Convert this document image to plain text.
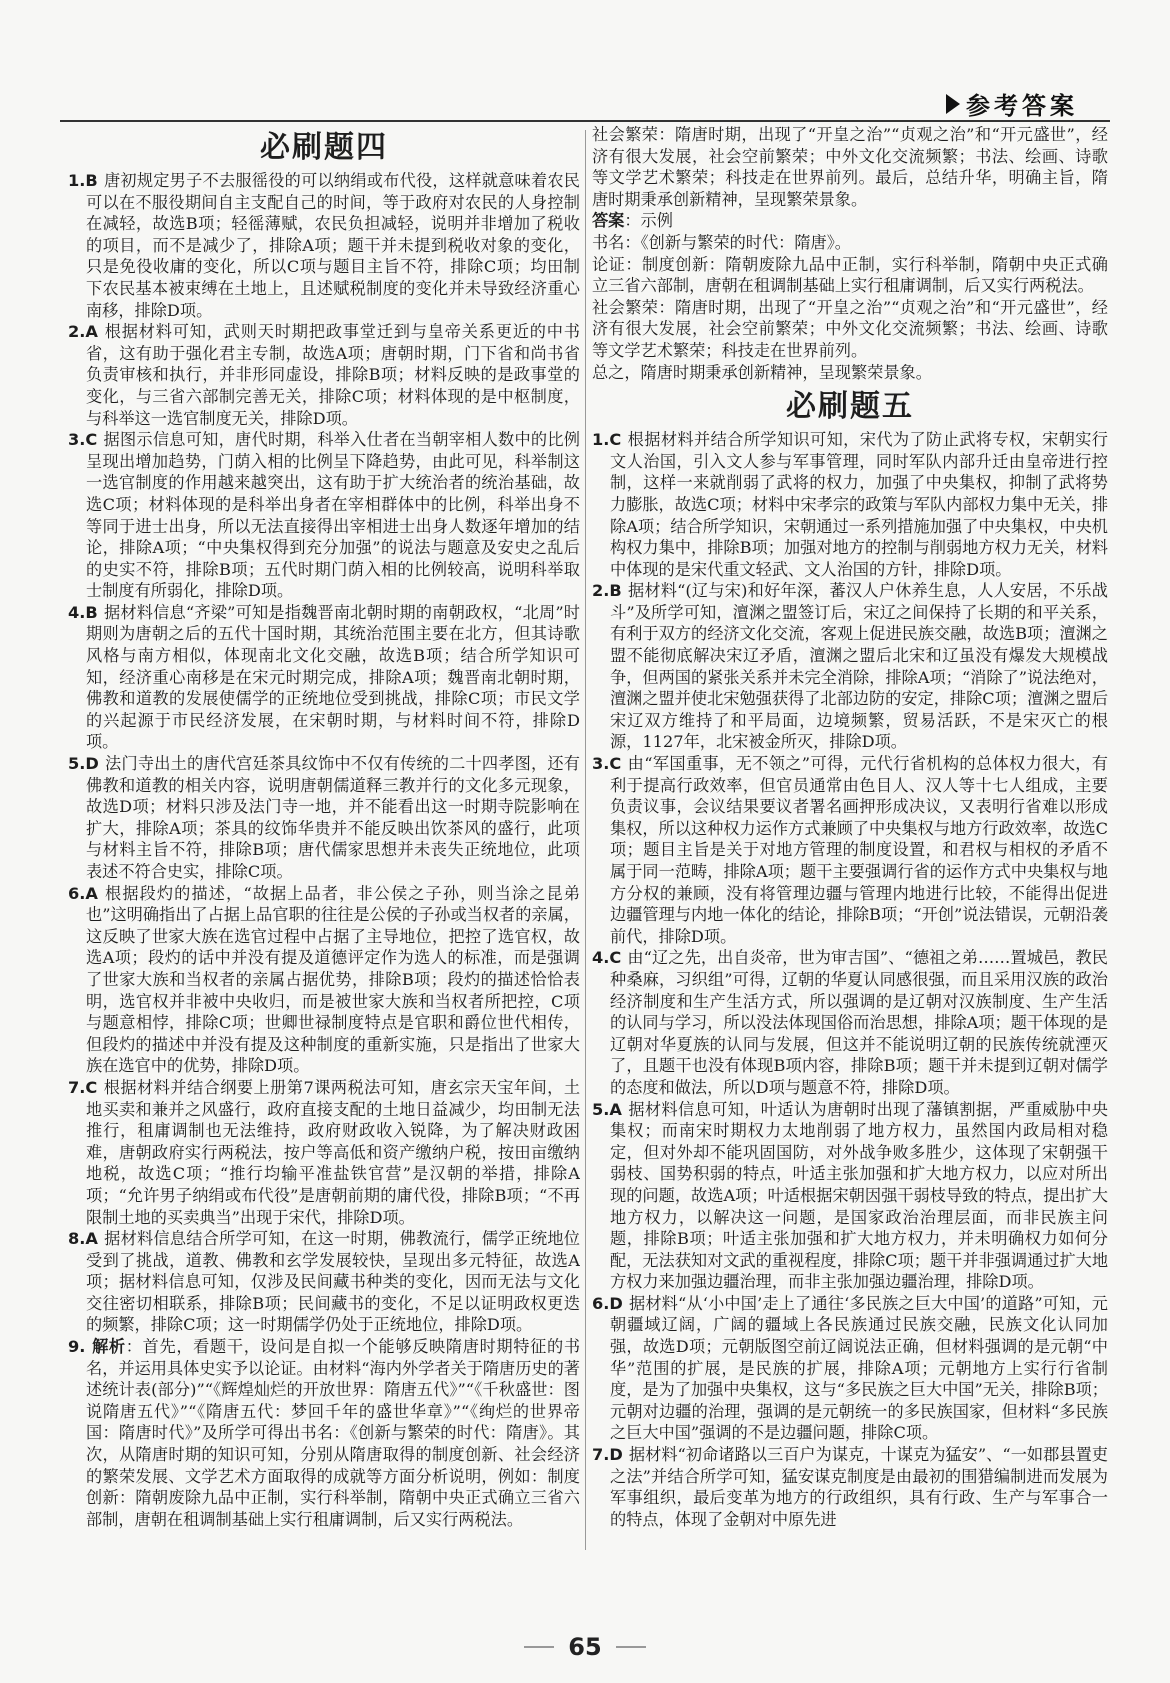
参考答案
必刷题四

1.B 唐初规定男子不去服徭役的可以纳绢或布代役，这样就意味着农民可以在不服役期间自主支配自己的时间，等于政府对农民的人身控制在减轻，故选B项；轻徭薄赋，农民负担减轻，说明并非增加了税收的项目，而不是减少了，排除A项；题干并未提到税收对象的变化，只是免役收庸的变化，所以C项与题目主旨不符，排除C项；均田制下农民基本被束缚在土地上，且述赋税制度的变化并未导致经济重心南移，排除D项。

2.A 根据材料可知，武则天时期把政事堂迁到与皇帝关系更近的中书省，这有助于强化君主专制，故选A项；唐朝时期，门下省和尚书省负责审核和执行，并非形同虚设，排除B项；材料反映的是政事堂的变化，与三省六部制完善无关，排除C项；材料体现的是中枢制度，与科举这一选官制度无关，排除D项。

3.C 据图示信息可知，唐代时期，科举入仕者在当朝宰相人数中的比例呈现出增加趋势，门荫入相的比例呈下降趋势，由此可见，科举制这一选官制度的作用越来越突出，这有助于扩大统治者的统治基础，故选C项；材料体现的是科举出身者在宰相群体中的比例，科举出身不等同于进士出身，所以无法直接得出宰相进士出身人数逐年增加的结论，排除A项；“中央集权得到充分加强”的说法与题意及安史之乱后的史实不符，排除B项；五代时期门荫入相的比例较高，说明科举取士制度有所弱化，排除D项。

4.B 据材料信息“齐梁”可知是指魏晋南北朝时期的南朝政权，“北周”时期则为唐朝之后的五代十国时期，其统治范围主要在北方，但其诗歌风格与南方相似，体现南北文化交融，故选B项；结合所学知识可知，经济重心南移是在宋元时期完成，排除A项；魏晋南北朝时期，佛教和道教的发展使儒学的正统地位受到挑战，排除C项；市民文学的兴起源于市民经济发展，在宋朝时期，与材料时间不符，排除D项。

5.D 法门寺出土的唐代宫廷茶具纹饰中不仅有传统的二十四孝图，还有佛教和道教的相关内容，说明唐朝儒道释三教并行的文化多元现象，故选D项；材料只涉及法门寺一地，并不能看出这一时期寺院影响在扩大，排除A项；茶具的纹饰华贵并不能反映出饮茶风的盛行，此项与材料主旨不符，排除B项；唐代儒家思想并未丧失正统地位，此项表述不符合史实，排除C项。

6.A 根据段灼的描述，“故据上品者，非公侯之子孙，则当涂之昆弟也”这明确指出了占据上品官职的往往是公侯的子孙或当权者的亲属，这反映了世家大族在选官过程中占据了主导地位，把控了选官权，故选A项；段灼的话中并没有提及道德评定作为选人的标准，而是强调了世家大族和当权者的亲属占据优势，排除B项；段灼的描述恰恰表明，选官权并非被中央收归，而是被世家大族和当权者所把控，C项与题意相悖，排除C项；世卿世禄制度特点是官职和爵位世代相传，但段灼的描述中并没有提及这种制度的重新实施，只是指出了世家大族在选官中的优势，排除D项。

7.C 根据材料并结合纲要上册第7课两税法可知，唐玄宗天宝年间，土地买卖和兼并之风盛行，政府直接支配的土地日益减少，均田制无法推行，租庸调制也无法维持，政府财政收入锐降，为了解决财政困难，唐朝政府实行两税法，按户等高低和资产缴纳户税，按田亩缴纳地税，故选C项；“推行均输平准盐铁官营”是汉朝的举措，排除A项；“允许男子纳绢或布代役”是唐朝前期的庸代役，排除B项；“不再限制土地的买卖典当”出现于宋代，排除D项。

8.A 据材料信息结合所学可知，在这一时期，佛教流行，儒学正统地位受到了挑战，道教、佛教和玄学发展较快，呈现出多元特征，故选A项；据材料信息可知，仅涉及民间藏书种类的变化，因而无法与文化交往密切相联系，排除B项；民间藏书的变化，不足以证明政权更迭的频繁，排除C项；这一时期儒学仍处于正统地位，排除D项。

9. 解析：首先，看题干，设问是自拟一个能够反映隋唐时期特征的书名，并运用具体史实予以论证。由材料“海内外学者关于隋唐历史的著述统计表(部分)”“《辉煌灿烂的开放世界：隋唐五代》”“《千秋盛世：图说隋唐五代》”“《隋唐五代：梦回千年的盛世华章》”“《绚烂的世界帝国：隋唐时代》”及所学可得出书名：《创新与繁荣的时代：隋唐》。其次，从隋唐时期的知识可知，分别从隋唐取得的制度创新、社会经济的繁荣发展、文学艺术方面取得的成就等方面分析说明，例如：制度创新：隋朝废除九品中正制，实行科举制，隋朝中央正式确立三省六部制，唐朝在租调制基础上实行租庸调制，后又实行两税法。

社会繁荣：隋唐时期，出现了“开皇之治”“贞观之治”和“开元盛世”，经济有很大发展，社会空前繁荣；中外文化交流频繁；书法、绘画、诗歌等文学艺术繁荣；科技走在世界前列。最后，总结升华，明确主旨，隋唐时期秉承创新精神，呈现繁荣景象。

答案：示例

书名：《创新与繁荣的时代：隋唐》。

论证：制度创新：隋朝废除九品中正制，实行科举制，隋朝中央正式确立三省六部制，唐朝在租调制基础上实行租庸调制，后又实行两税法。

社会繁荣：隋唐时期，出现了“开皇之治”“贞观之治”和“开元盛世”，经济有很大发展，社会空前繁荣；中外文化交流频繁；书法、绘画、诗歌等文学艺术繁荣；科技走在世界前列。

总之，隋唐时期秉承创新精神，呈现繁荣景象。

必刷题五

1.C 根据材料并结合所学知识可知，宋代为了防止武将专权，宋朝实行文人治国，引入文人参与军事管理，同时军队内部升迁由皇帝进行控制，这样一来就削弱了武将的权力，加强了中央集权，抑制了武将势力膨胀，故选C项；材料中宋孝宗的政策与军队内部权力集中无关，排除A项；结合所学知识，宋朝通过一系列措施加强了中央集权，中央机构权力集中，排除B项；加强对地方的控制与削弱地方权力无关，材料中体现的是宋代重文轻武、文人治国的方针，排除D项。

2.B 据材料“(辽与宋)和好年深，蕃汉人户休养生息，人人安居，不乐战斗”及所学可知，澶渊之盟签订后，宋辽之间保持了长期的和平关系，有利于双方的经济文化交流，客观上促进民族交融，故选B项；澶渊之盟不能彻底解决宋辽矛盾，澶渊之盟后北宋和辽虽没有爆发大规模战争，但两国的紧张关系并未完全消除，排除A项；“消除了”说法绝对，澶渊之盟并使北宋勉强获得了北部边防的安定，排除C项；澶渊之盟后宋辽双方维持了和平局面，边境频繁，贸易活跃，不是宋灭亡的根源，1127年，北宋被金所灭，排除D项。

3.C 由“军国重事，无不领之”可得，元代行省机构的总体权力很大，有利于提高行政效率，但官员通常由色目人、汉人等十七人组成，主要负责议事，会议结果要议者署名画押形成决议，又表明行省难以形成集权，所以这种权力运作方式兼顾了中央集权与地方行政效率，故选C项；题目主旨是关于对地方管理的制度设置，和君权与相权的矛盾不属于同一范畴，排除A项；题干主要强调行省的运作方式中央集权与地方分权的兼顾，没有将管理边疆与管理内地进行比较，不能得出促进边疆管理与内地一体化的结论，排除B项；“开创”说法错误，元朝沿袭前代，排除D项。

4.C 由“辽之先，出自炎帝，世为审吉国”、“德祖之弟……置城邑，教民种桑麻，习织组”可得，辽朝的华夏认同感很强，而且采用汉族的政治经济制度和生产生活方式，所以强调的是辽朝对汉族制度、生产生活的认同与学习，所以没法体现国俗而治思想，排除A项；题干体现的是辽朝对华夏族的认同与发展，但这并不能说明辽朝的民族传统就湮灭了，且题干也没有体现B项内容，排除B项；题干并未提到辽朝对儒学的态度和做法，所以D项与题意不符，排除D项。

5.A 据材料信息可知，叶适认为唐朝时出现了藩镇割据，严重威胁中央集权；而南宋时期权力太地削弱了地方权力，虽然国内政局相对稳定，但对外却不能巩固国防，对外战争败多胜少，这体现了宋朝强干弱枝、国势积弱的特点，叶适主张加强和扩大地方权力，以应对所出现的问题，故选A项；叶适根据宋朝因强干弱枝导致的特点，提出扩大地方权力，以解决这一问题，是国家政治治理层面，而非民族主问题，排除B项；叶适主张加强和扩大地方权力，并未明确权力如何分配，无法获知对文武的重视程度，排除C项；题干并非强调通过扩大地方权力来加强边疆治理，而非主张加强边疆治理，排除D项。

6.D 据材料“从‘小中国’走上了通往‘多民族之巨大中国’的道路”可知，元朝疆域辽阔，广阔的疆域上各民族通过民族交融，民族文化认同加强，故选D项；元朝版图空前辽阔说法正确，但材料强调的是元朝“中华”范围的扩展，是民族的扩展，排除A项；元朝地方上实行行省制度，是为了加强中央集权，这与“多民族之巨大中国”无关，排除B项；元朝对边疆的治理，强调的是元朝统一的多民族国家，但材料“多民族之巨大中国”强调的不是边疆问题，排除C项。

7.D 据材料“初命诸路以三百户为谋克，十谋克为猛安”、“一如郡县置吏之法”并结合所学可知，猛安谋克制度是由最初的围猎编制进而发展为军事组织，最后变革为地方的行政组织，具有行政、生产与军事合一的特点，体现了金朝对中原先进

65
